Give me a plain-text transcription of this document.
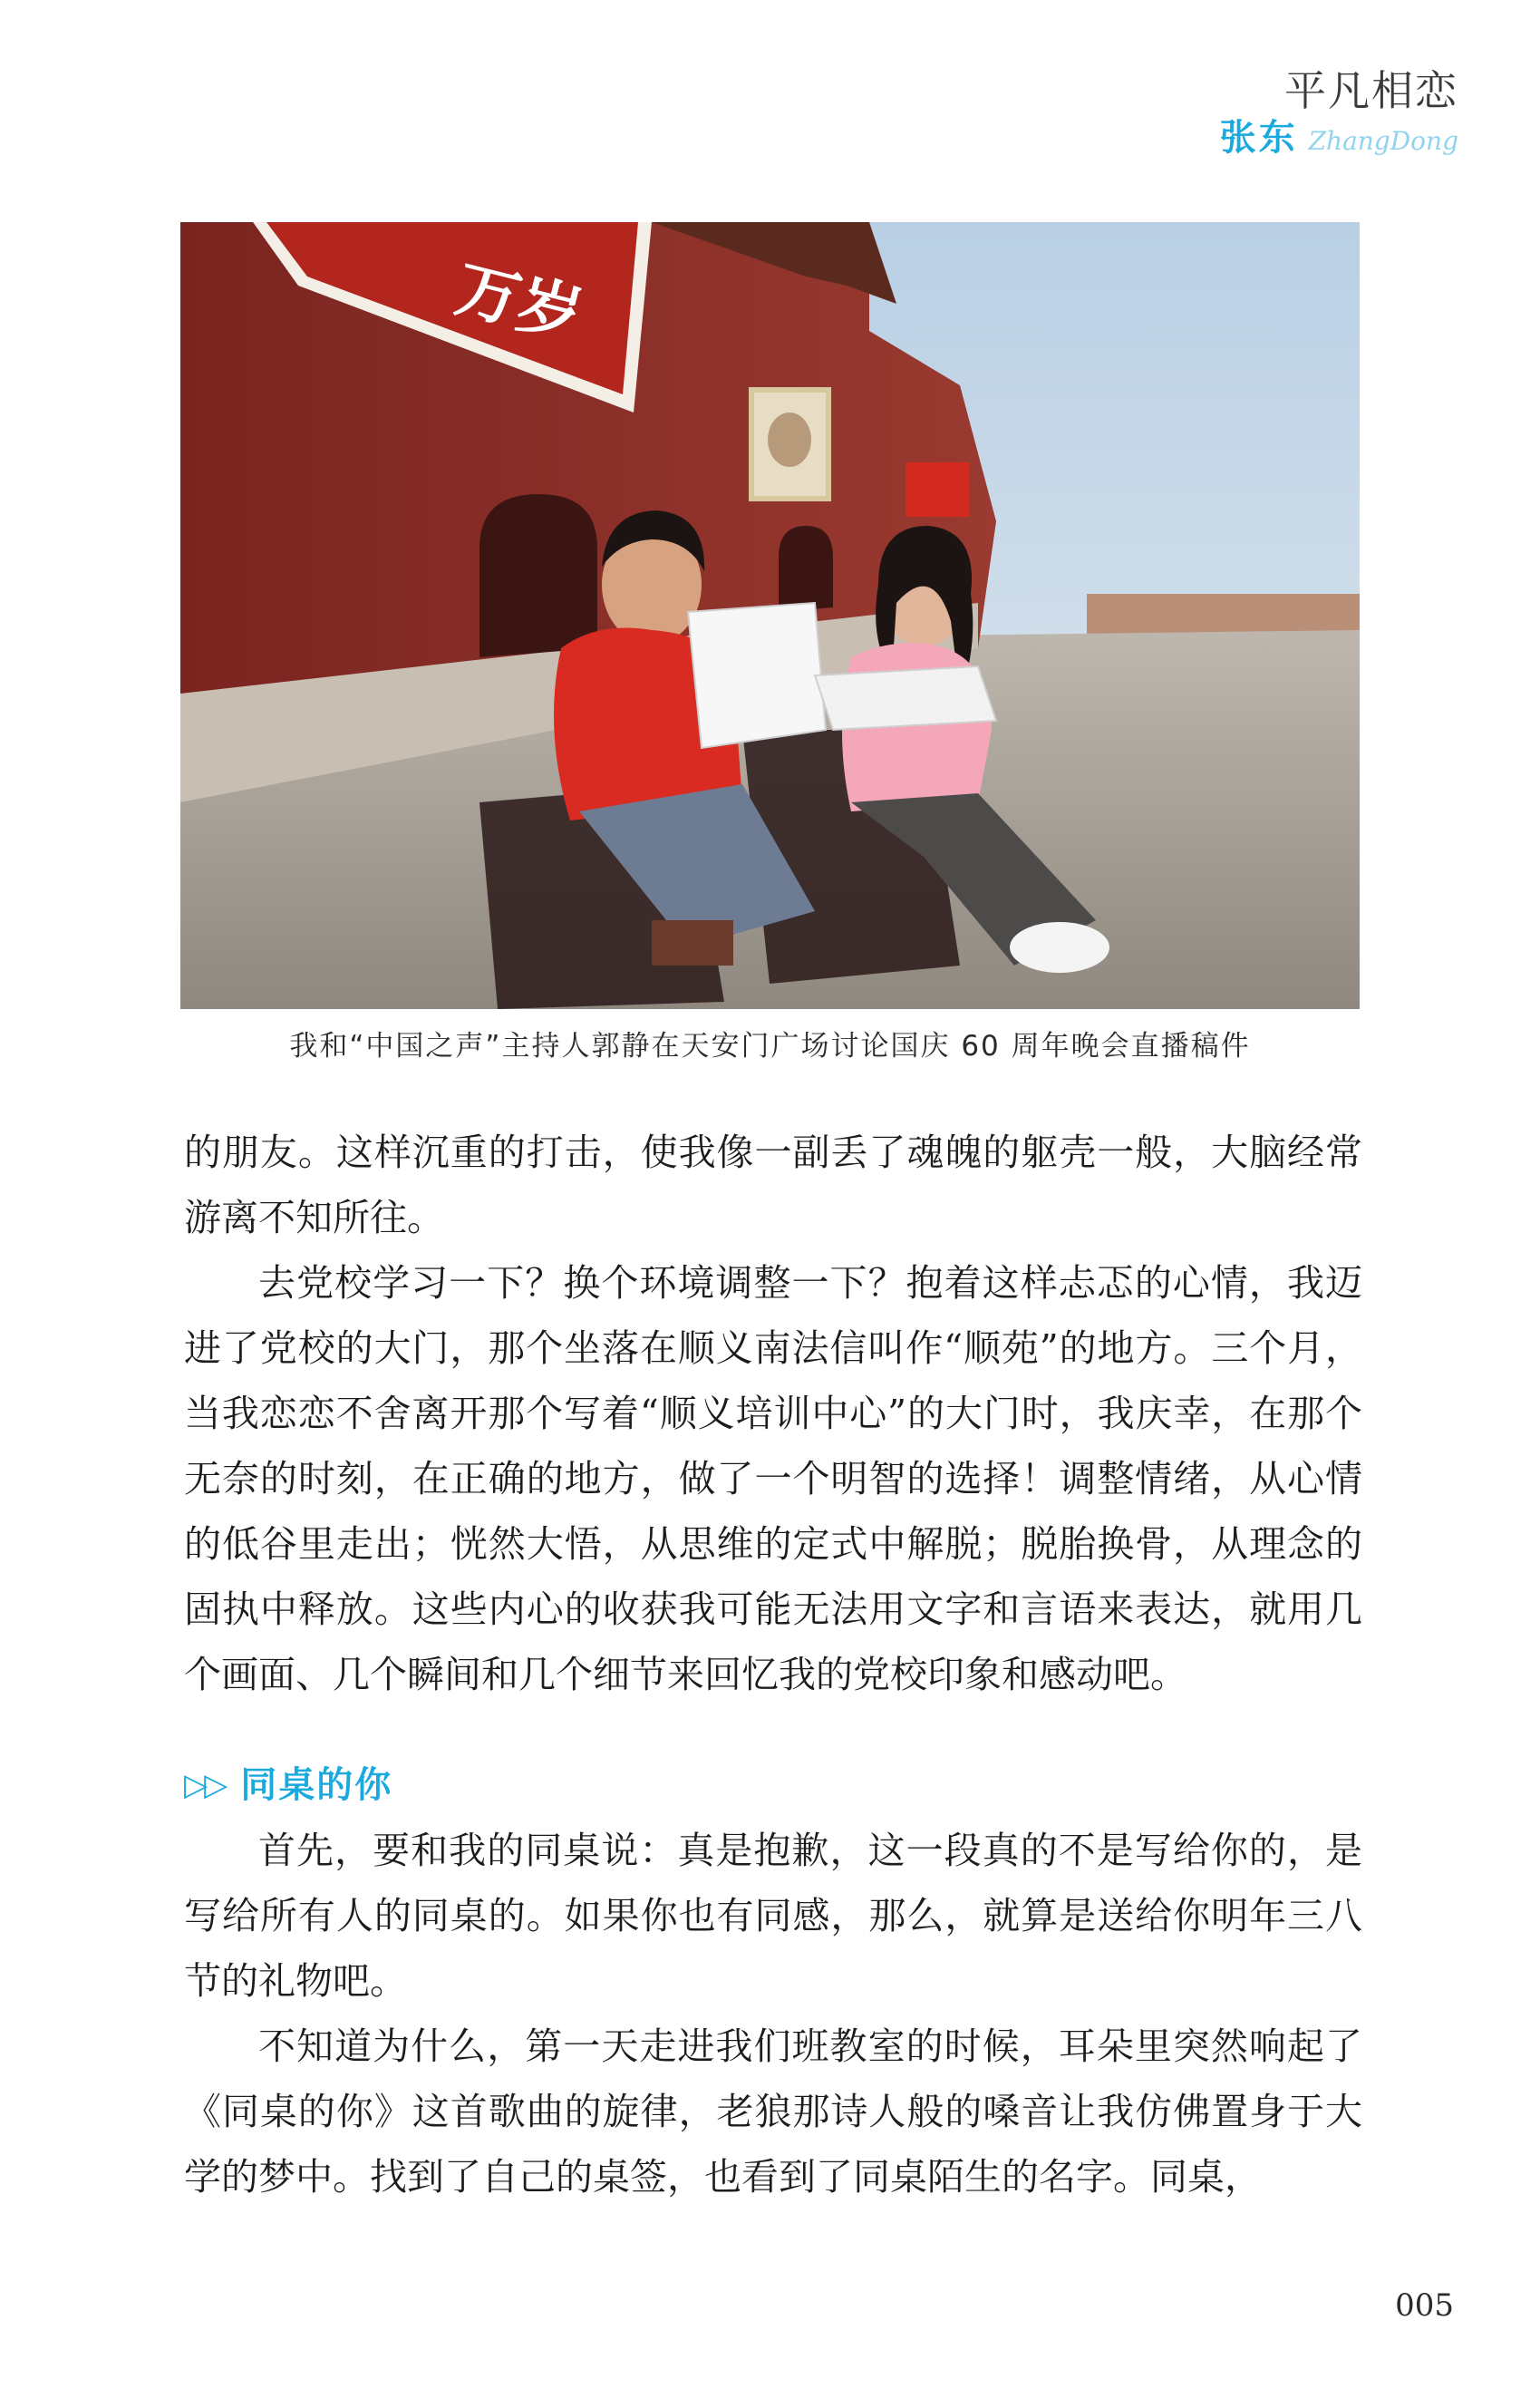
平凡相恋
张东 ZhangDong
万岁
我和“中国之声”主持人郭静在天安门广场讨论国庆 60 周年晚会直播稿件

的朋友。这样沉重的打击，使我像一副丢了魂魄的躯壳一般，大脑经常游离不知所往。

去党校学习一下？换个环境调整一下？抱着这样忐忑的心情，我迈进了党校的大门，那个坐落在顺义南法信叫作“顺苑”的地方。三个月，当我恋恋不舍离开那个写着“顺义培训中心”的大门时，我庆幸，在那个无奈的时刻，在正确的地方，做了一个明智的选择！调整情绪，从心情的低谷里走出；恍然大悟，从思维的定式中解脱；脱胎换骨，从理念的固执中释放。这些内心的收获我可能无法用文字和言语来表达，就用几个画面、几个瞬间和几个细节来回忆我的党校印象和感动吧。

▷▷ 同桌的你

首先，要和我的同桌说：真是抱歉，这一段真的不是写给你的，是写给所有人的同桌的。如果你也有同感，那么，就算是送给你明年三八节的礼物吧。

不知道为什么，第一天走进我们班教室的时候，耳朵里突然响起了《同桌的你》这首歌曲的旋律，老狼那诗人般的嗓音让我仿佛置身于大学的梦中。找到了自己的桌签，也看到了同桌陌生的名字。同桌，

005
